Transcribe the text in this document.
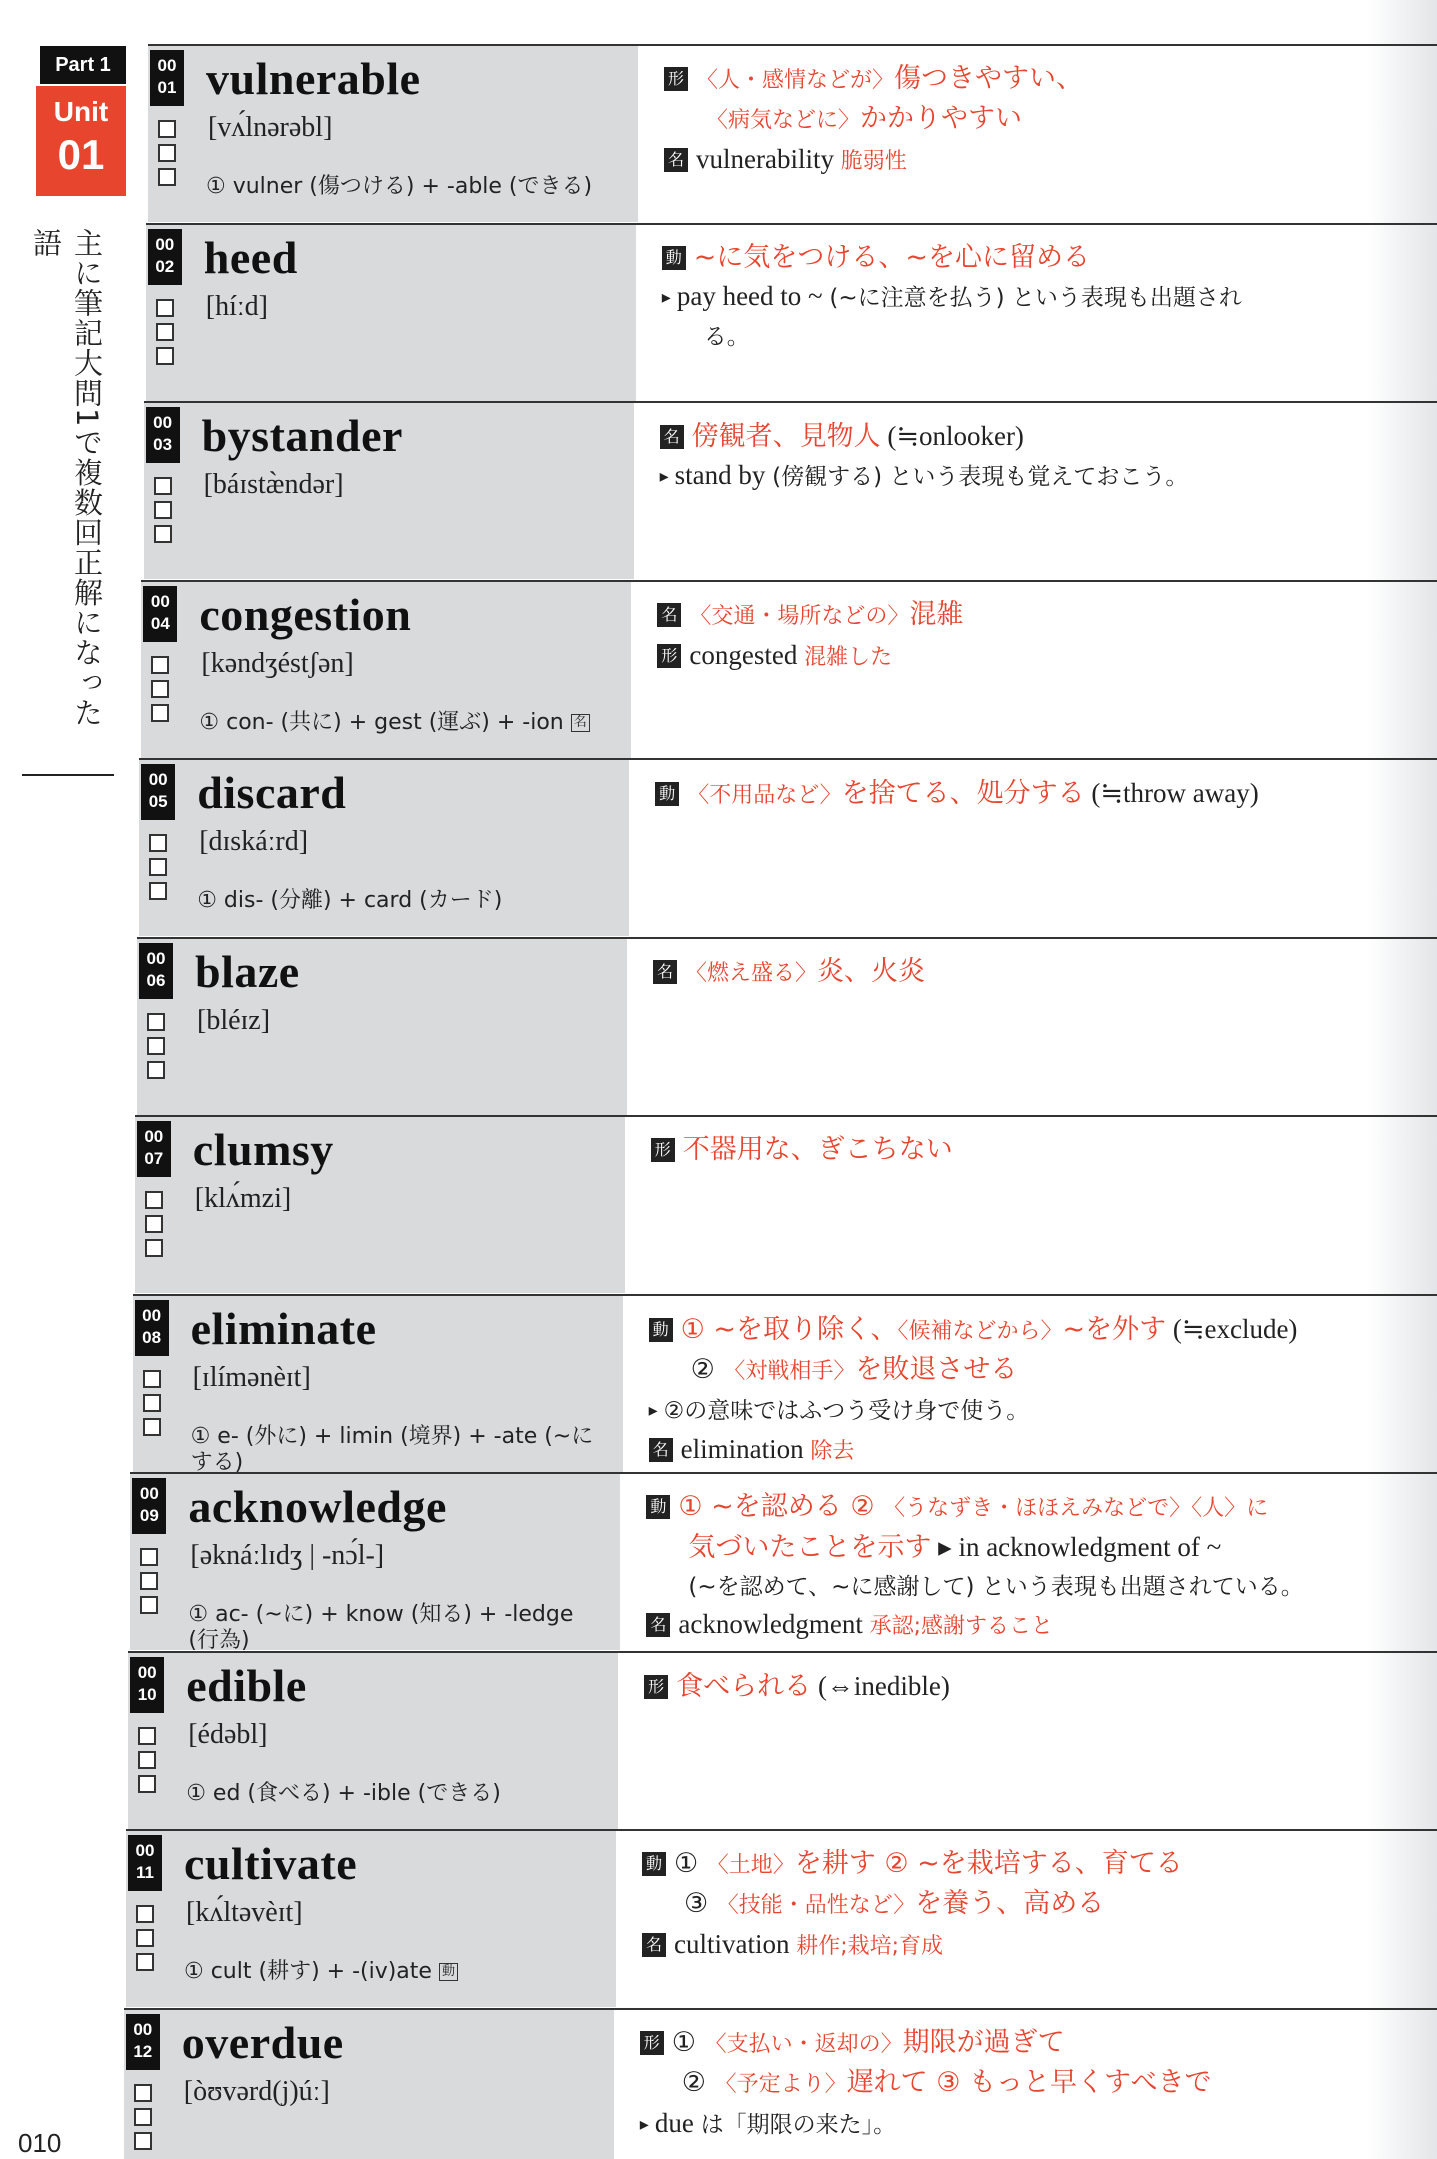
Part 1
Unit
01
主に筆記大問1で複数回正解になった語
010
00
01 vulnerable
[vʌ́lnərəbl]
① vulner (傷つける) + -able (できる)
形 〈人・感情などが〉傷つきやすい、
〈病気などに〉かかりやすい
名 vulnerability 脆弱性
00
02 heed
[híːd]
動 ~に気をつける、~を心に留める
▸ pay heed to ~ (~に注意を払う) という表現も出題され
る。
00
03 bystander
[báɪstæ̀ndər]
名 傍観者、見物人 (≒onlooker)
▸ stand by (傍観する) という表現も覚えておこう。
00
04 congestion
[kəndʒéstʃən]
① con- (共に) + gest (運ぶ) + -ion 名
名 〈交通・場所などの〉混雑
形 congested 混雑した
00
05 discard
[dɪskáːrd]
① dis- (分離) + card (カード)
動 〈不用品など〉を捨てる、処分する (≒throw away)
00
06 blaze
[bléɪz]
名 〈燃え盛る〉炎、火炎
00
07 clumsy
[klʌ́mzi]
形 不器用な、ぎこちない
00
08 eliminate
[ɪlímənèɪt]
① e- (外に) + limin (境界) + -ate (~にする)
動 ① ~を取り除く、〈候補などから〉~を外す (≒exclude)
② 〈対戦相手〉を敗退させる
▸ ②の意味ではふつう受け身で使う。
名 elimination 除去
00
09 acknowledge
[əknáːlɪdʒ | -nɔ́l-]
① ac- (~に) + know (知る) + -ledge (行為)
動 ① ~を認める ② 〈うなずき・ほほえみなどで〉〈人〉に
気づいたことを示す ▸ in acknowledgment of ~
(~を認めて、~に感謝して) という表現も出題されている。
名 acknowledgment 承認;感謝すること
00
10 edible
[édəbl]
① ed (食べる) + -ible (できる)
形 食べられる (⇔inedible)
00
11 cultivate
[kʌ́ltəvèɪt]
① cult (耕す) + -(iv)ate 動
動 ① 〈土地〉を耕す ② ~を栽培する、育てる
③ 〈技能・品性など〉を養う、高める
名 cultivation 耕作;栽培;育成
00
12 overdue
[òʊvərd(j)úː]
形 ① 〈支払い・返却の〉期限が過ぎて
② 〈予定より〉遅れて ③ もっと早くすべきで
▸ due は「期限の来た」。
